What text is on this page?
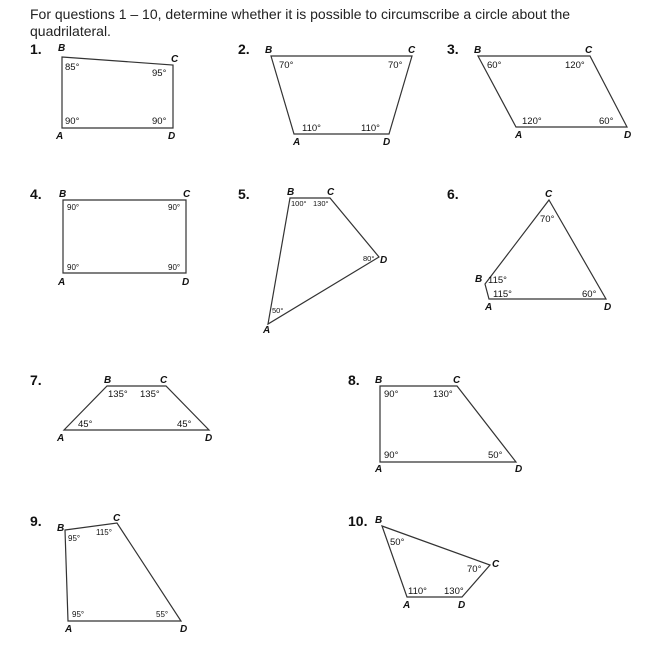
For questions 1 – 10, determine whether it is possible to circumscribe a circle about the quadrilateral.
1.	2.	3.
4.	5.	6.
7.	8.
9.	10.
B
C
A	D
85°
95°
90°	90°
B	C
A	D
70°	70°
110°	110°
B	C
A	D
60°	120°
120°	60°
B	C
A	D
90°	90°
90°	90°
B	C
D
A
100° 130°
80°
50°
C
B
A	D
70°
115°
115°	60°
B	C
A	D
135° 135°
45°	45°
B	C
A	D
90°	130°
90°	50°
B
C
A	D
95°
115°
95°	55°
B
C
A	D
50°
70°
110° 130°
